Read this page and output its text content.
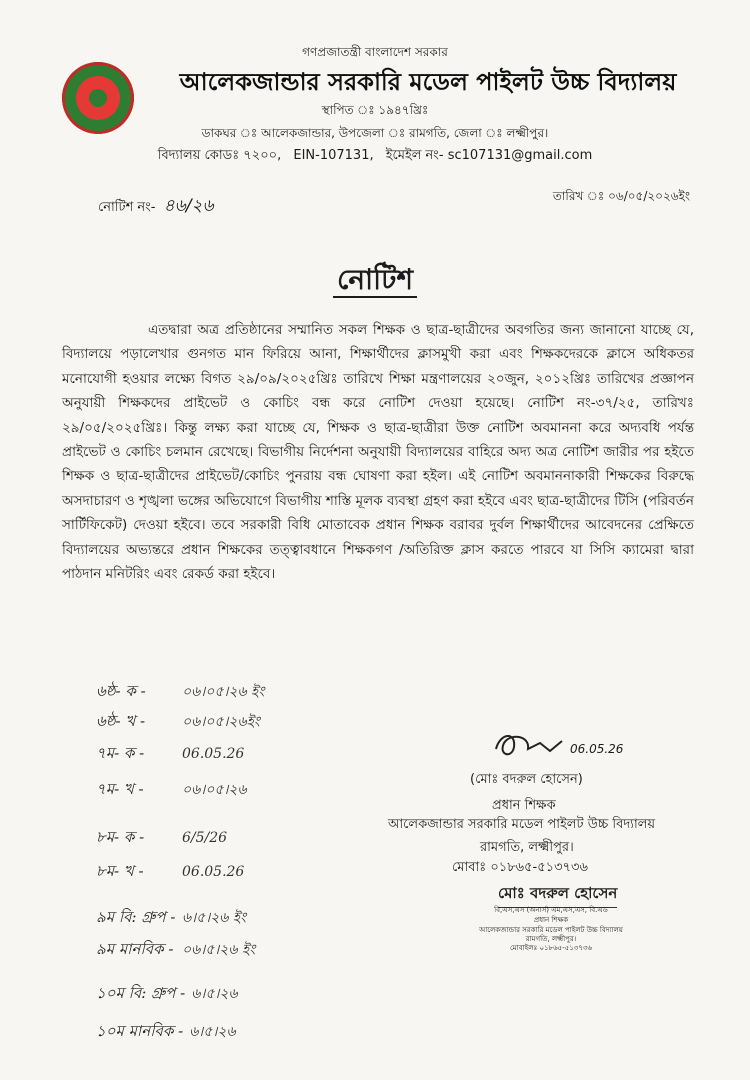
গণপ্রজাতন্ত্রী বাংলাদেশ সরকার
আলেকজান্ডার সরকারি মডেল পাইলট উচ্চ বিদ্যালয়
স্থাপিত ঃ ১৯৪৭খ্রিঃ
ডাকঘর ঃ আলেকজান্ডার, উপজেলা ঃ রামগতি, জেলা ঃ লক্ষ্মীপুর।
বিদ্যালয় কোডঃ ৭২০০, EIN-107131, ইমেইল নং- sc107131@gmail.com
নোটিশ নং- ৪৬/২৬	তারিখ ঃ ০৬/০৫/২০২৬ইং
নোটিশ
এতদ্বারা অত্র প্রতিষ্ঠানের সম্মানিত সকল শিক্ষক ও ছাত্র-ছাত্রীদের অবগতির জন্য জানানো যাচ্ছে যে, বিদ্যালয়ে পড়ালেখার গুনগত মান ফিরিয়ে আনা, শিক্ষার্থীদের ক্লাসমুখী করা এবং শিক্ষকদেরকে ক্লাসে অধিকতর মনোযোগী হওয়ার লক্ষ্যে বিগত ২৯/০৯/২০২৫খ্রিঃ তারিখে শিক্ষা মন্ত্রণালয়ের ২০জুন, ২০১২খ্রিঃ তারিখের প্রজ্ঞাপন অনুযায়ী শিক্ষকদের প্রাইভেট ও কোচিং বন্ধ করে নোটিশ দেওয়া হয়েছে। নোটিশ নং-৩৭/২৫, তারিখঃ ২৯/০৫/২০২৫খ্রিঃ। কিন্তু লক্ষ্য করা যাচ্ছে যে, শিক্ষক ও ছাত্র-ছাত্রীরা উক্ত নোটিশ অবমাননা করে অদ্যবধি পর্যন্ত প্রাইভেট ও কোচিং চলমান রেখেছে। বিভাগীয় নির্দেশনা অনুযায়ী বিদ্যালয়ের বাহিরে অদ্য অত্র নোটিশ জারীর পর হইতে শিক্ষক ও ছাত্র-ছাত্রীদের প্রাইভেট/কোচিং পুনরায় বন্ধ ঘোষণা করা হইল। এই নোটিশ অবমাননাকারী শিক্ষকের বিরুদ্ধে অসদাচারণ ও শৃঙ্খলা ভঙ্গের অভিযোগে বিভাগীয় শাস্তি মূলক ব্যবস্থা গ্রহণ করা হইবে এবং ছাত্র-ছাত্রীদের টিসি (পরিবর্তন সার্টিফিকেট) দেওয়া হইবে। তবে সরকারী বিধি মোতাবেক প্রধান শিক্ষক বরাবর দুর্বল শিক্ষার্থীদের আবেদনের প্রেক্ষিতে বিদ্যালয়ের অভ্যন্তরে প্রধান শিক্ষকের তত্ত্বাবধানে শিক্ষকগণ /অতিরিক্ত ক্লাস করতে পারবে যা সিসি ক্যামেরা দ্বারা পাঠদান মনিটরিং এবং রেকর্ড করা হইবে।
৬ষ্ঠ- ক -	০৬।০৫।২৬ ইং
৬ষ্ঠ- খ -	০৬।০৫।২৬ইং
৭ম- ক -	06.05.26
৭ম- খ -	০৬।০৫।২৬
৮ম- ক -	6/5/26
৮ম- খ -	06.05.26
৯ম বি: গ্রুপ - ৬।৫।২৬ ইং
৯ম মানবিক - ০৬।৫।২৬ ইং
১০ম বি: গ্রুপ - ৬।৫।২৬
১০ম মানবিক - ৬।৫।২৬
06.05.26
(মোঃ বদরুল হোসেন)
প্রধান শিক্ষক
আলেকজান্ডার সরকারি মডেল পাইলট উচ্চ বিদ্যালয়
রামগতি, লক্ষ্মীপুর।
মোবাঃ ০১৮৬৫-৫১৩৭৩৬
মোঃ বদরুল হোসেন
বি,এস,এস (অনার্স) এম,এস,এস, বি.এড
প্রধান শিক্ষক
আলেকজান্ডার সরকারি মডেল পাইলট উচ্চ বিদ্যালয়
রামগতি, লক্ষ্মীপুর।
মোবাইলঃ ০১৮৬৫-৫১৩৭৩৬
